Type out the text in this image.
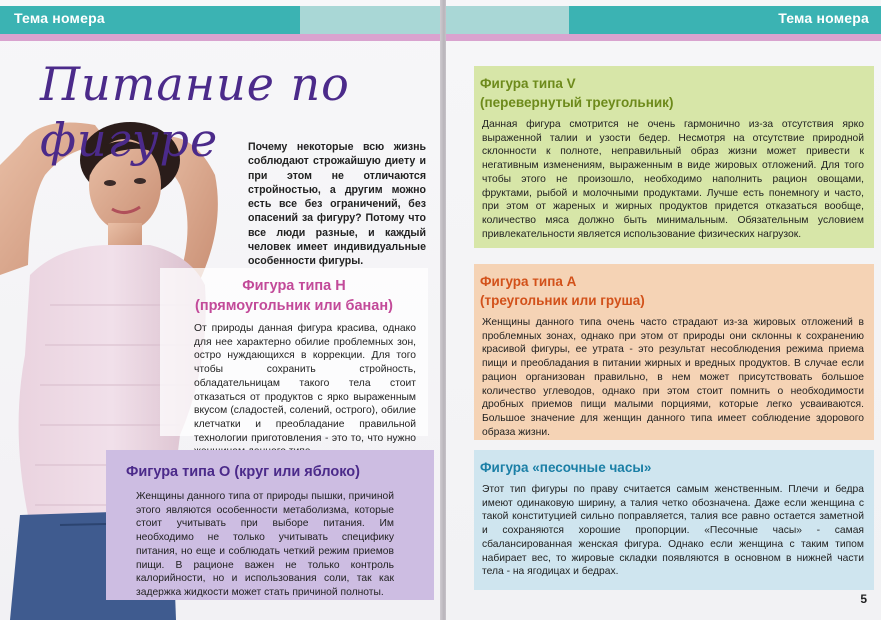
Тема номера
Питание по фигуре	Почему некоторые всю жизнь соблюдают строжайшую диету и при этом не отличаются стройностью, а другим можно есть все без ограничений, без опасений за фигуру? Потому что все люди разные, и каждый человек имеет индивидуальные особенности фигуры.

Фигура типа Н
(прямоугольник или банан)

От природы данная фигура красива, однако для нее характерно обилие проблемных зон, остро нуждающихся в коррекции. Для того чтобы сохранить стройность, обладательницам такого тела стоит отказаться от продуктов с ярко выраженным вкусом (сладостей, солений, острого), обилие клетчатки и преобладание правильной технологии приготовления - это то, что нужно

Фигура типа О (круг или яблоко)

Женщины данного типа от природы пышки, причиной этого являются особенности метаболизма, которые стоит учитывать при выборе питания. Им необходимо не только учитывать специфику питания, но еще и соблюдать четкий режим приемов пищи. В рационе важен не только контроль калорийности, но и использования соли, так как задержка жидкости может стать причиной полноты.

Тема номера

Фигура типа V
(перевернутый треугольник)

Данная фигура смотрится не очень гармонично из-за отсутствия ярко выраженной талии и узости бедер. Несмотря на отсутствие природной склонности к полноте, неправильный образ жизни может привести к негативным изменениям, выраженным в виде жировых отложений. Для того чтобы этого не произошло, необходимо наполнить рацион овощами, фруктами, рыбой и молочными продуктами. Лучше есть понемногу и часто, при этом от жареных и жирных продуктов придется отказаться вообще, количество мяса должно быть минимальным. Обязательным условием привлекательности является использование физических нагрузок.

Фигура типа А
(треугольник или груша)

Женщины данного типа очень часто страдают из-за жировых отложений в проблемных зонах, однако при этом от природы они склонны к сохранению красивой фигуры, ее утрата - это результат несоблюдения режима приема пищи и преобладания в питании жирных и вредных продуктов. В случае если рацион организован правильно, в нем может присутствовать большое количество углеводов, однако при этом стоит помнить о необходимости дробных приемов пищи малыми порциями, которые легко усваиваются. Большое значение для женщин данного типа имеет соблюдение здорового образа жизни.

Фигура «песочные часы»

Этот тип фигуры по праву считается самым женственным. Плечи и бедра имеют одинаковую ширину, а талия четко обозначена. Даже если женщина с такой конституцией сильно поправляется, талия все равно остается заметной и сохраняются хорошие пропорции. «Песочные часы» - самая сбалансированная женская фигура. Однако если женщина с таким типом набирает вес, то жировые складки появляются в основном в нижней части тела - на ягодицах и бедрах.

5
